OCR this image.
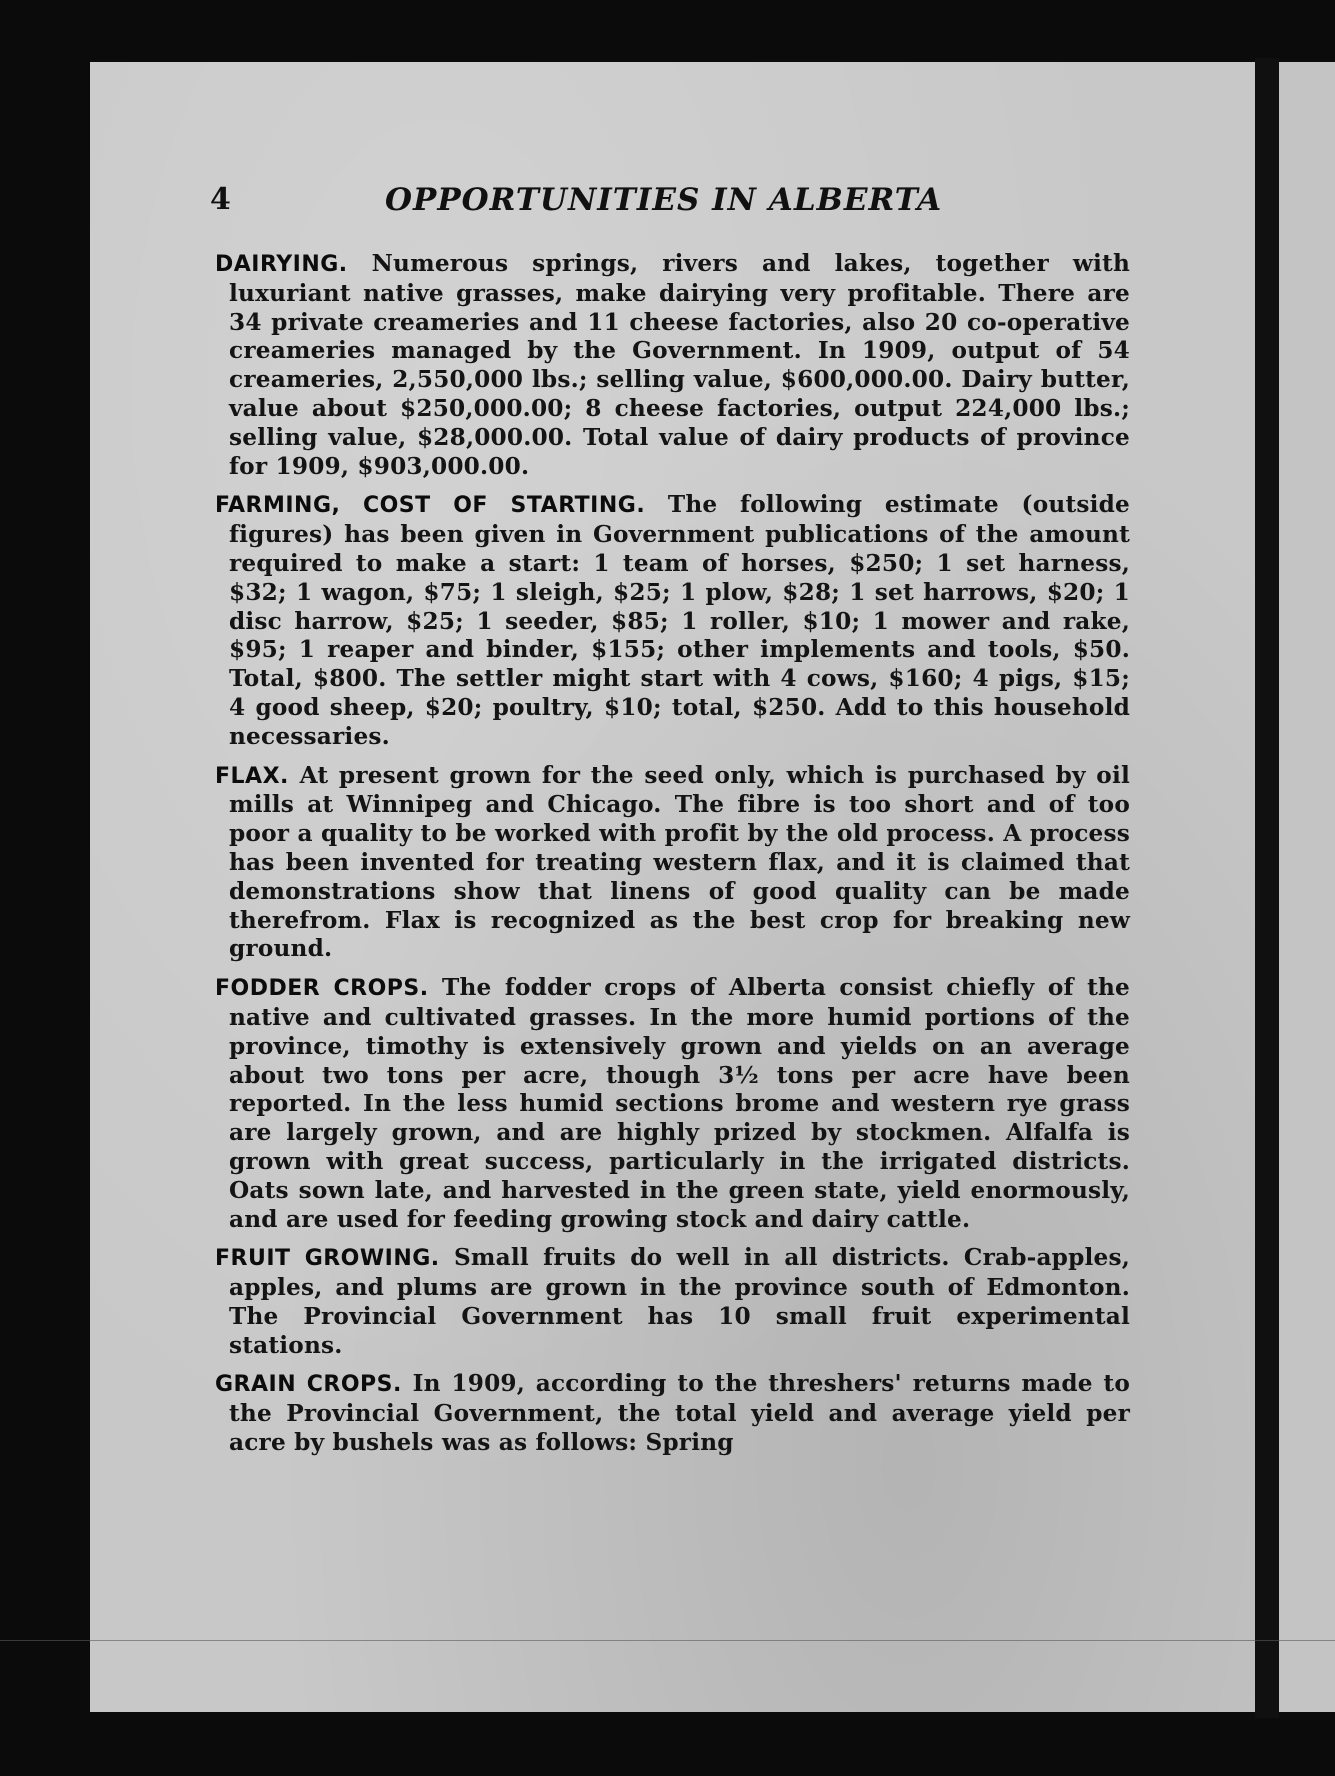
4	OPPORTUNITIES IN ALBERTA

DAIRYING. Numerous springs, rivers and lakes, together with luxuriant native grasses, make dairying very profitable. There are 34 private creameries and 11 cheese factories, also 20 co-operative creameries managed by the Government. In 1909, output of 54 creameries, 2,550,000 lbs.; selling value, $600,000.00. Dairy butter, value about $250,000.00; 8 cheese factories, output 224,000 lbs.; selling value, $28,000.00. Total value of dairy products of province for 1909, $903,000.00.

FARMING, COST OF STARTING. The following estimate (outside figures) has been given in Government publications of the amount required to make a start: 1 team of horses, $250; 1 set harness, $32; 1 wagon, $75; 1 sleigh, $25; 1 plow, $28; 1 set harrows, $20; 1 disc harrow, $25; 1 seeder, $85; 1 roller, $10; 1 mower and rake, $95; 1 reaper and binder, $155; other implements and tools, $50. Total, $800. The settler might start with 4 cows, $160; 4 pigs, $15; 4 good sheep, $20; poultry, $10; total, $250. Add to this household necessaries.

FLAX. At present grown for the seed only, which is purchased by oil mills at Winnipeg and Chicago. The fibre is too short and of too poor a quality to be worked with profit by the old process. A process has been invented for treating western flax, and it is claimed that demonstrations show that linens of good quality can be made therefrom. Flax is recognized as the best crop for breaking new ground.

FODDER CROPS. The fodder crops of Alberta consist chiefly of the native and cultivated grasses. In the more humid portions of the province, timothy is extensively grown and yields on an average about two tons per acre, though 3½ tons per acre have been reported. In the less humid sections brome and western rye grass are largely grown, and are highly prized by stockmen. Alfalfa is grown with great success, particularly in the irrigated districts. Oats sown late, and harvested in the green state, yield enormously, and are used for feeding growing stock and dairy cattle.

FRUIT GROWING. Small fruits do well in all districts. Crab-apples, apples, and plums are grown in the province south of Edmonton. The Provincial Government has 10 small fruit experimental stations.

GRAIN CROPS. In 1909, according to the threshers' returns made to the Provincial Government, the total yield and average yield per acre by bushels was as follows: Spring
